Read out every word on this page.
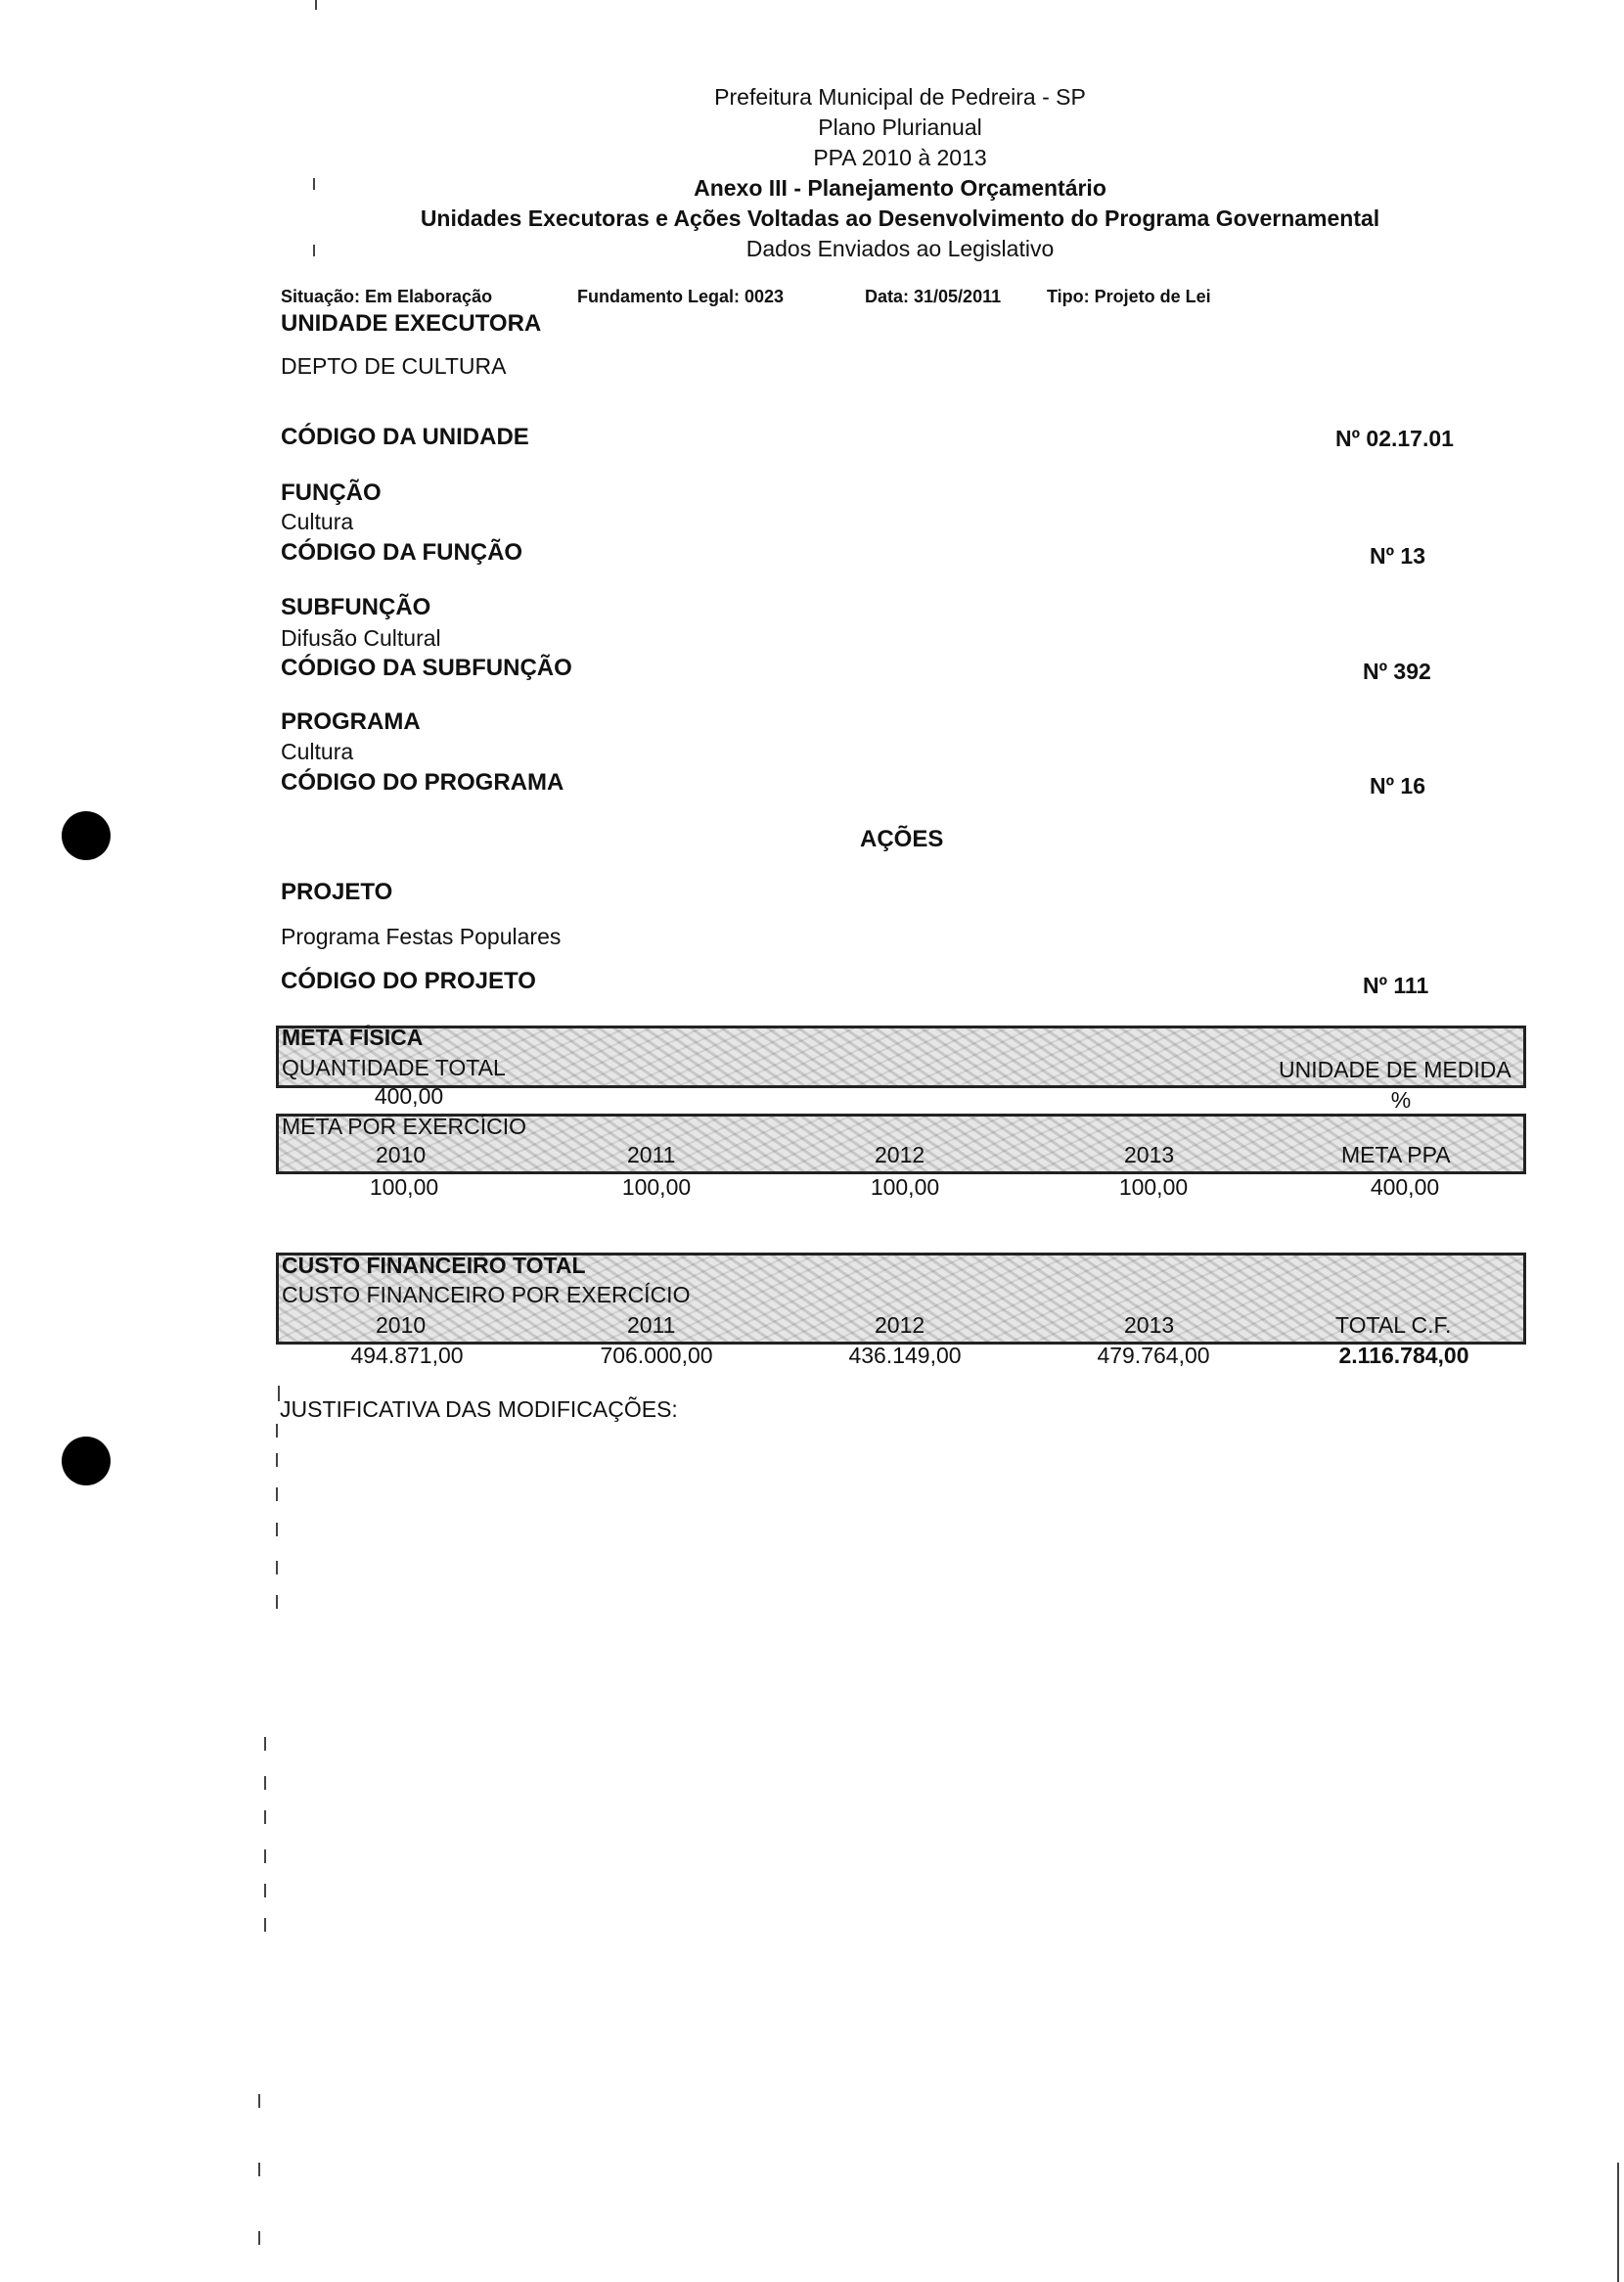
Prefeitura Municipal de Pedreira - SP
Plano Plurianual
PPA 2010 à 2013
Anexo III - Planejamento Orçamentário
Unidades Executoras e Ações Voltadas ao Desenvolvimento do Programa Governamental
Dados Enviados ao Legislativo
Situação: Em Elaboração	Fundamento Legal: 0023	Data: 31/05/2011	Tipo: Projeto de Lei
UNIDADE EXECUTORA
DEPTO DE CULTURA
CÓDIGO DA UNIDADE	Nº 02.17.01
FUNÇÃO
Cultura
CÓDIGO DA FUNÇÃO	Nº 13
SUBFUNÇÃO
Difusão Cultural
CÓDIGO DA SUBFUNÇÃO	Nº 392
PROGRAMA
Cultura
CÓDIGO DO PROGRAMA	Nº 16
AÇÕES
PROJETO
Programa Festas Populares
CÓDIGO DO PROJETO	Nº 111
META FÍSICA
QUANTIDADE TOTAL	UNIDADE DE MEDIDA
400,00	%
META POR EXERCÍCIO
2010	2011	2012	2013	META PPA
100,00	100,00	100,00	100,00	400,00
CUSTO FINANCEIRO TOTAL
CUSTO FINANCEIRO POR EXERCÍCIO
2010	2011	2012	2013	TOTAL C.F.
494.871,00	706.000,00	436.149,00	479.764,00	2.116.784,00
JUSTIFICATIVA DAS MODIFICAÇÕES:
